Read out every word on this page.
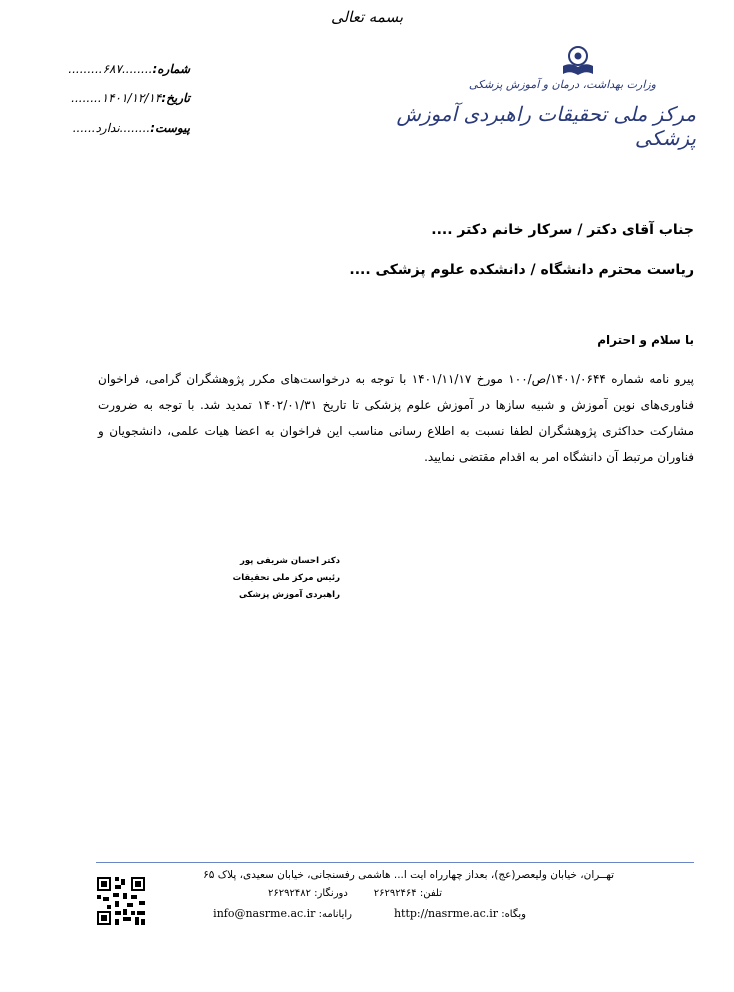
بسمه تعالی
وزارت بهداشت، درمان و آموزش پزشکی
مرکز ملی تحقیقات راهبردی آموزش پزشکی
شماره:........۶۸۷.........
تاریخ:۱۴۰۱/۱۲/۱۴........
پیوست:........ندارد......
جناب آقای دکتر / سرکار خانم دکتر ....
ریاست محترم دانشگاه / دانشکده علوم پزشکی ....
با سلام و احترام
پیرو نامه شماره ۱۴۰۱/۰۶۴۴/ص/۱۰۰ مورخ ۱۴۰۱/۱۱/۱۷ با توجه به درخواست‌های مکرر پژوهشگران گرامی، فراخوان فناوری‌های نوین آموزش و شبیه سازها در آموزش علوم پزشکی تا تاریخ ۱۴۰۲/۰۱/۳۱ تمدید شد. با توجه به ضرورت مشارکت حداکثری پژوهشگران لطفا نسبت به اطلاع رسانی مناسب این فراخوان به اعضا هیات علمی، دانشجویان و فناوران مرتبط آن دانشگاه امر به اقدام مقتضی نمایید.
دکتر احسان شریفی پور
رئیس مرکز ملی تحقیقات
راهبردی آموزش پزشکی
تهــران، خیابان ولیعصر(عج)، بعداز چهارراه ایت ا... هاشمی رفسنجانی، خیابان سعیدی، پلاک ۶۵
تلفن: ۲۶۲۹۲۴۶۴
دورنگار: ۲۶۲۹۲۴۸۲
وبگاه: http://nasrme.ac.ir
رایانامه: info@nasrme.ac.ir
